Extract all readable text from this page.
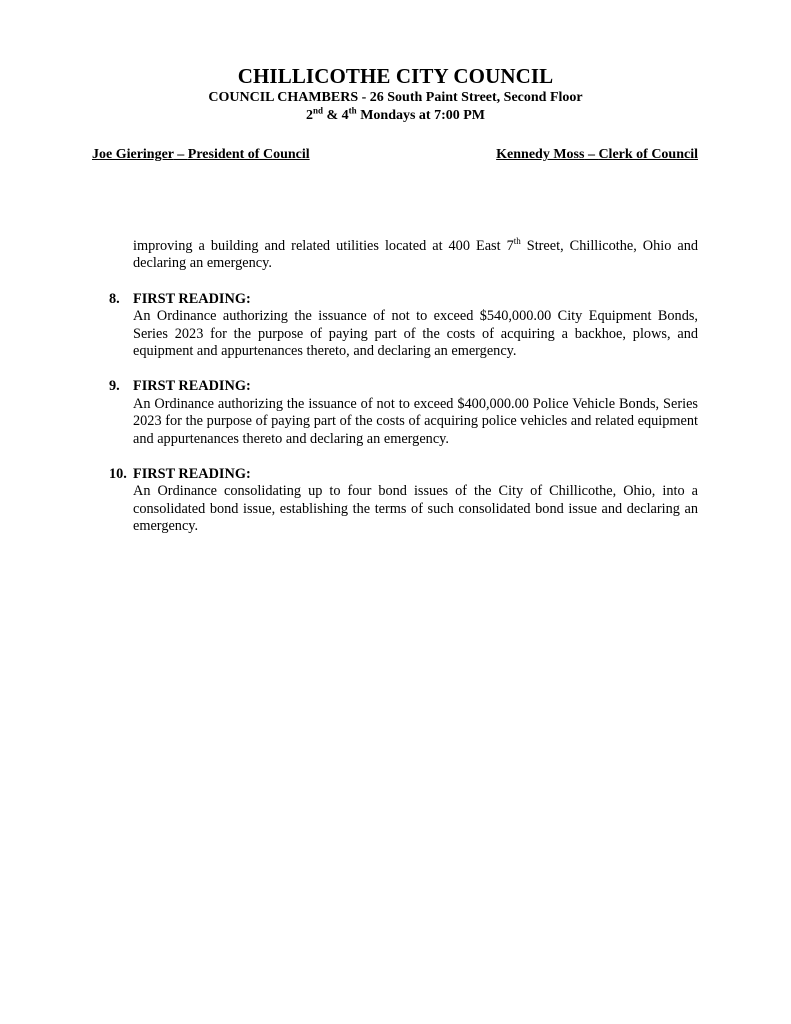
CHILLICOTHE CITY COUNCIL
COUNCIL CHAMBERS - 26 South Paint Street, Second Floor
2nd & 4th Mondays at 7:00 PM
Joe Gieringer – President of Council	Kennedy Moss – Clerk of Council
improving a building and related utilities located at 400 East 7th Street, Chillicothe, Ohio and declaring an emergency.
8. FIRST READING:
An Ordinance authorizing the issuance of not to exceed $540,000.00 City Equipment Bonds, Series 2023 for the purpose of paying part of the costs of acquiring a backhoe, plows, and equipment and appurtenances thereto, and declaring an emergency.
9. FIRST READING:
An Ordinance authorizing the issuance of not to exceed $400,000.00 Police Vehicle Bonds, Series 2023 for the purpose of paying part of the costs of acquiring police vehicles and related equipment and appurtenances thereto and declaring an emergency.
10. FIRST READING:
An Ordinance consolidating up to four bond issues of the City of Chillicothe, Ohio, into a consolidated bond issue, establishing the terms of such consolidated bond issue and declaring an emergency.
